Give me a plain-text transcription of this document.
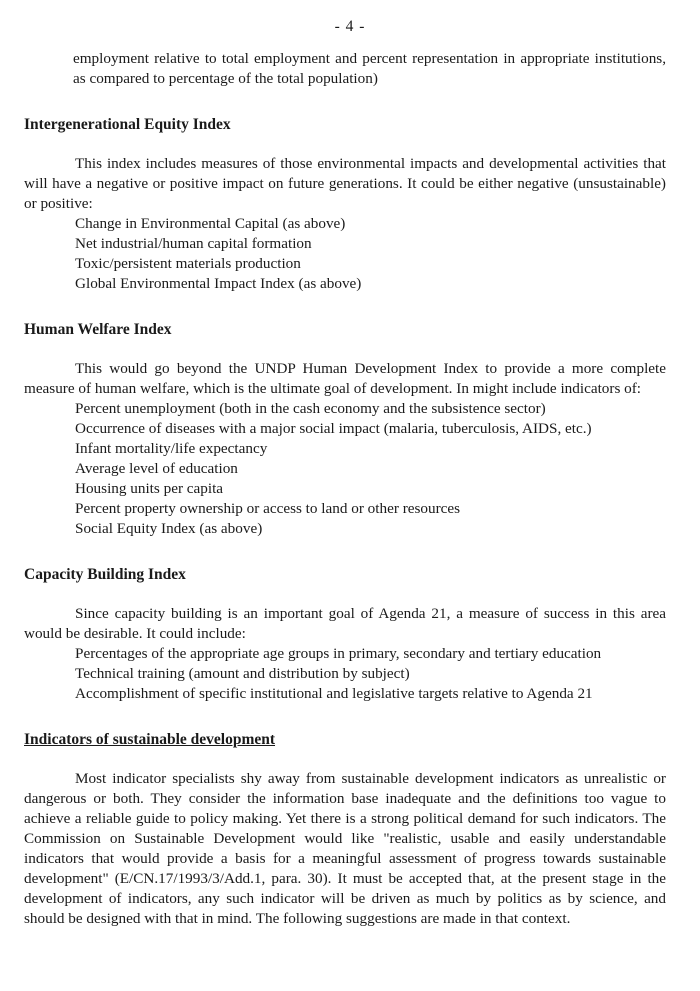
- 4 -

employment relative to total employment and percent representation in appropriate institutions, as compared to percentage of the total population)

Intergenerational Equity Index

This index includes measures of those environmental impacts and developmental activities that will have a negative or positive impact on future generations. It could be either negative (unsustainable) or positive:

Change in Environmental Capital (as above)
Net industrial/human capital formation
Toxic/persistent materials production
Global Environmental Impact Index (as above)
Human Welfare Index

This would go beyond the UNDP Human Development Index to provide a more complete measure of human welfare, which is the ultimate goal of development. In might include indicators of:

Percent unemployment (both in the cash economy and the subsistence sector)
Occurrence of diseases with a major social impact (malaria, tuberculosis, AIDS, etc.)
Infant mortality/life expectancy
Average level of education
Housing units per capita
Percent property ownership or access to land or other resources
Social Equity Index (as above)
Capacity Building Index

Since capacity building is an important goal of Agenda 21, a measure of success in this area would be desirable. It could include:

Percentages of the appropriate age groups in primary, secondary and tertiary education
Technical training (amount and distribution by subject)
Accomplishment of specific institutional and legislative targets relative to Agenda 21
Indicators of sustainable development

Most indicator specialists shy away from sustainable development indicators as unrealistic or dangerous or both. They consider the information base inadequate and the definitions too vague to achieve a reliable guide to policy making. Yet there is a strong political demand for such indicators. The Commission on Sustainable Development would like "realistic, usable and easily understandable indicators that would provide a basis for a meaningful assessment of progress towards sustainable development" (E/CN.17/1993/3/Add.1, para. 30). It must be accepted that, at the present stage in the development of indicators, any such indicator will be driven as much by politics as by science, and should be designed with that in mind. The following suggestions are made in that context.
